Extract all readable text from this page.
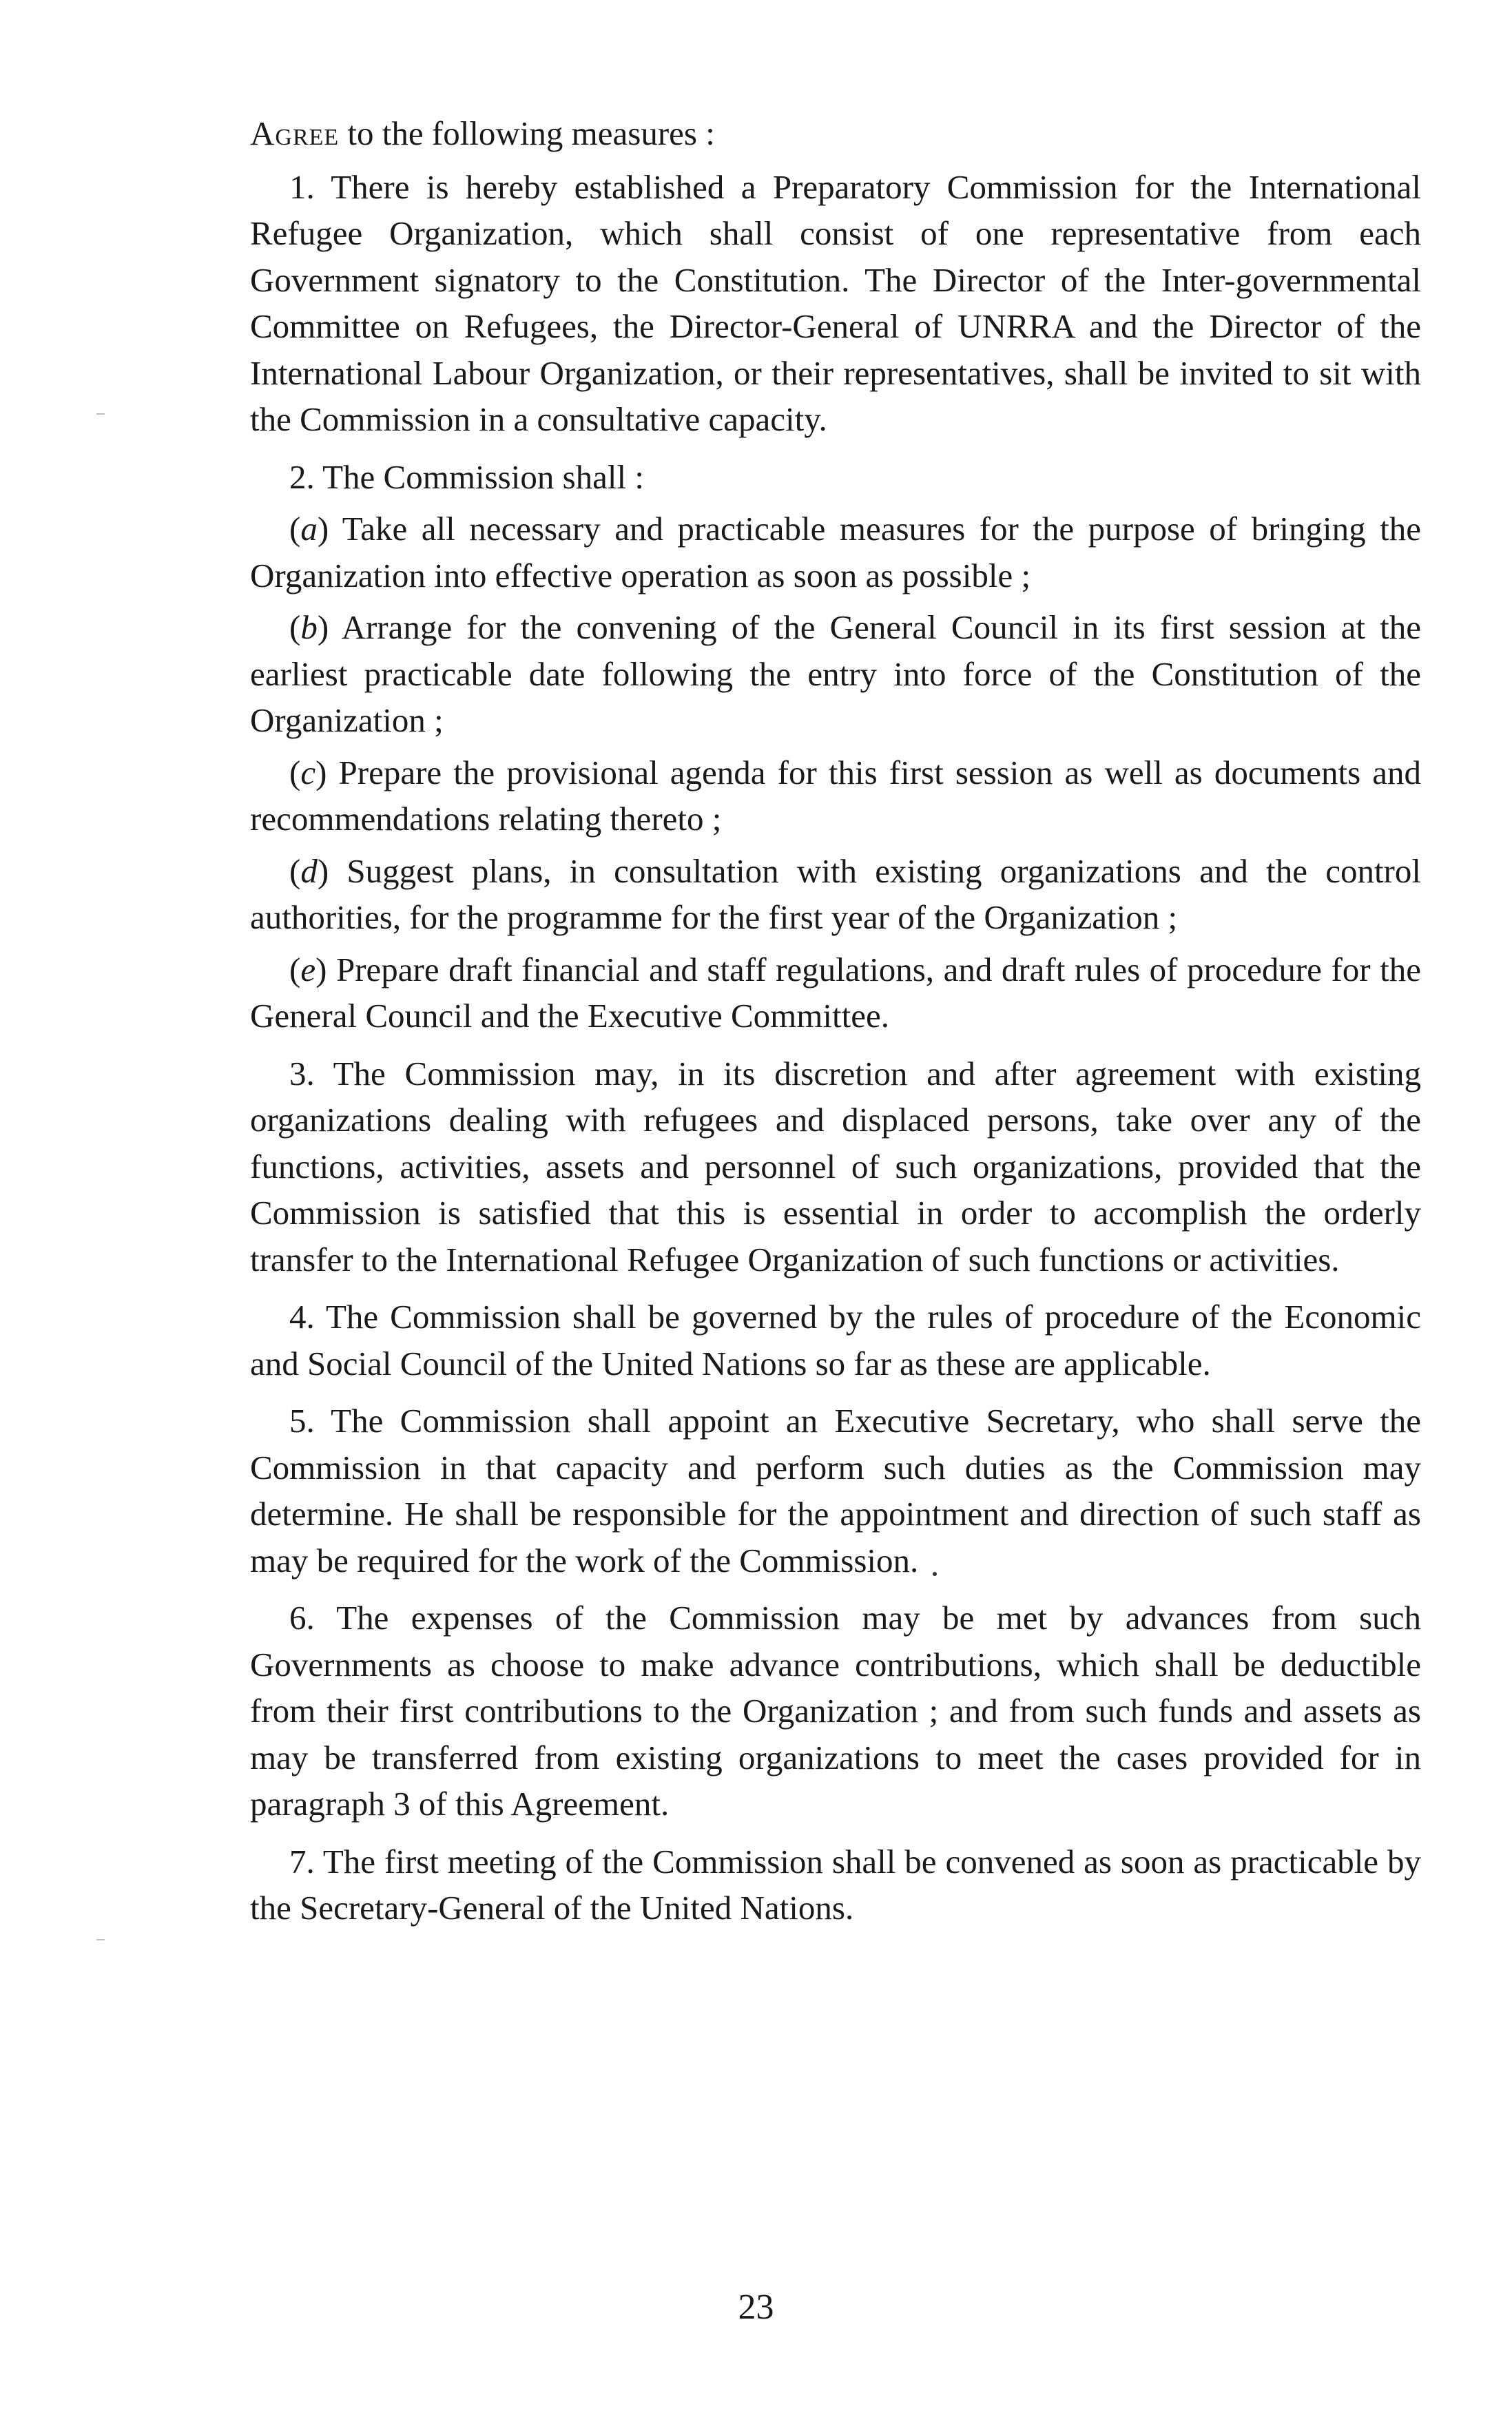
Agree to the following measures :

1. There is hereby established a Preparatory Commission for the International Refugee Organization, which shall consist of one representative from each Government signatory to the Constitution. The Director of the Inter-governmental Committee on Refugees, the Director-General of UNRRA and the Director of the International Labour Organization, or their representatives, shall be invited to sit with the Commission in a consultative capacity.

2. The Commission shall :

(a) Take all necessary and practicable measures for the purpose of bringing the Organization into effective operation as soon as possible ;

(b) Arrange for the convening of the General Council in its first session at the earliest practicable date following the entry into force of the Constitution of the Organization ;

(c) Prepare the provisional agenda for this first session as well as documents and recommendations relating thereto ;

(d) Suggest plans, in consultation with existing organizations and the control authorities, for the programme for the first year of the Organization ;

(e) Prepare draft financial and staff regulations, and draft rules of procedure for the General Council and the Executive Committee.

3. The Commission may, in its discretion and after agreement with existing organizations dealing with refugees and displaced persons, take over any of the functions, activities, assets and personnel of such organizations, provided that the Commission is satisfied that this is essential in order to accomplish the orderly transfer to the International Refugee Organization of such functions or activities.

4. The Commission shall be governed by the rules of procedure of the Economic and Social Council of the United Nations so far as these are applicable.

5. The Commission shall appoint an Executive Secretary, who shall serve the Commission in that capacity and perform such duties as the Commission may determine. He shall be responsible for the appointment and direction of such staff as may be required for the work of the Commission.

6. The expenses of the Commission may be met by advances from such Governments as choose to make advance contributions, which shall be deductible from their first contributions to the Organization ; and from such funds and assets as may be transferred from existing organizations to meet the cases provided for in paragraph 3 of this Agreement.

7. The first meeting of the Commission shall be convened as soon as practicable by the Secretary-General of the United Nations.

23
